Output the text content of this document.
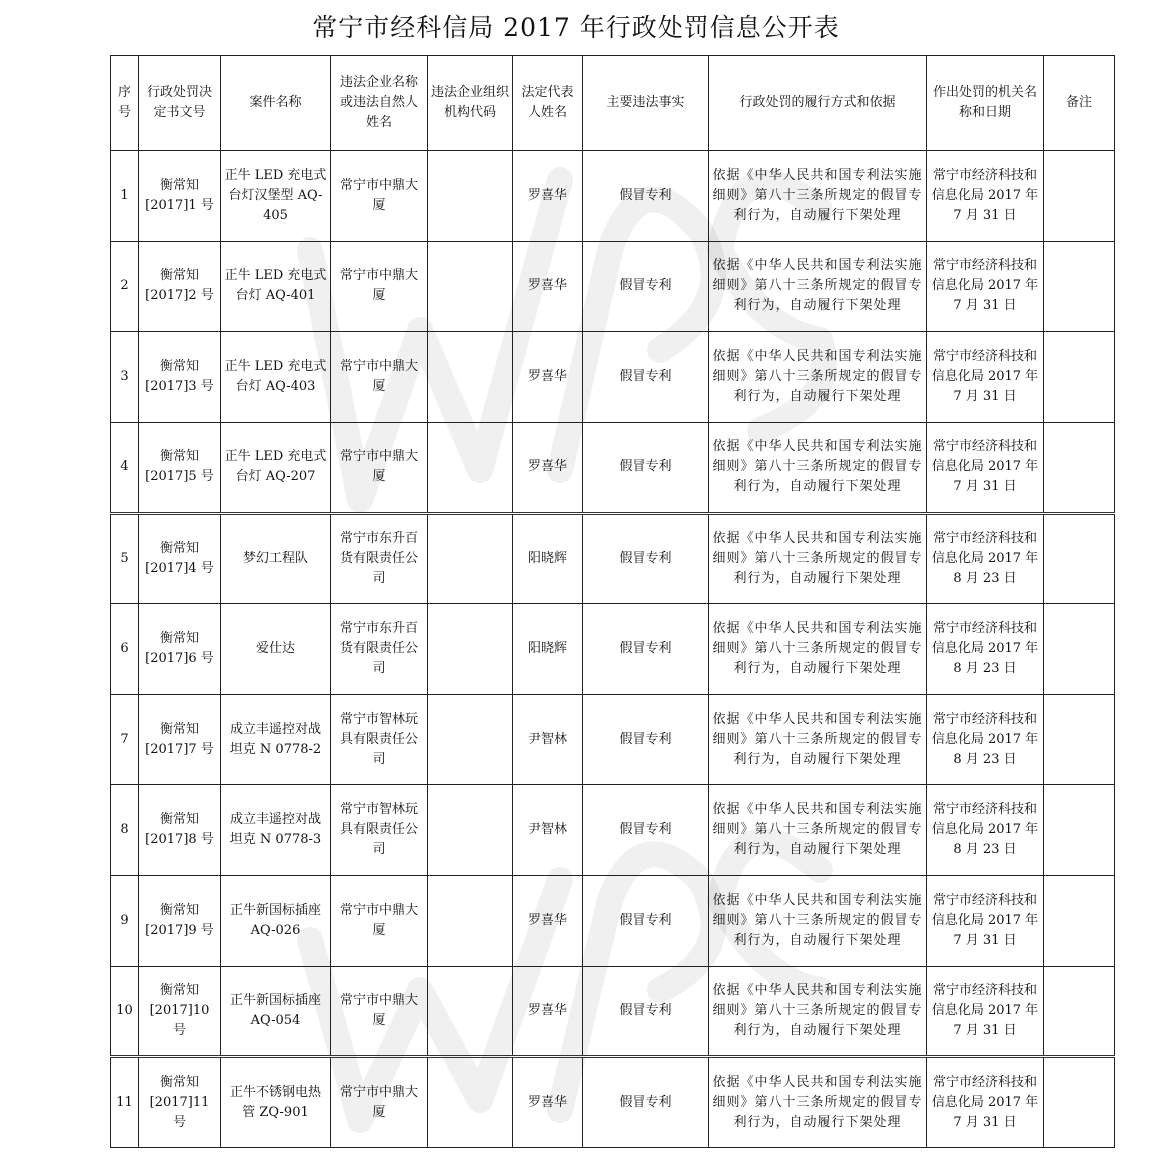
常宁市经科信局 2017 年行政处罚信息公开表
序号	行政处罚决定书文号	案件名称	违法企业名称或违法自然人姓名	违法企业组织机构代码	法定代表人姓名	主要违法事实	行政处罚的履行方式和依据	作出处罚的机关名称和日期	备注
1	衡常知[2017]1 号	正牛 LED 充电式台灯汉堡型 AQ-405	常宁市中鼎大厦		罗喜华	假冒专利	依据《中华人民共和国专利法实施细则》第八十三条所规定的假冒专利行为，自动履行下架处理	常宁市经济科技和信息化局 2017 年 7 月 31 日	
2	衡常知[2017]2 号	正牛 LED 充电式台灯 AQ-401	常宁市中鼎大厦		罗喜华	假冒专利	依据《中华人民共和国专利法实施细则》第八十三条所规定的假冒专利行为，自动履行下架处理	常宁市经济科技和信息化局 2017 年 7 月 31 日	
3	衡常知[2017]3 号	正牛 LED 充电式台灯 AQ-403	常宁市中鼎大厦		罗喜华	假冒专利	依据《中华人民共和国专利法实施细则》第八十三条所规定的假冒专利行为，自动履行下架处理	常宁市经济科技和信息化局 2017 年 7 月 31 日	
4	衡常知[2017]5 号	正牛 LED 充电式台灯 AQ-207	常宁市中鼎大厦		罗喜华	假冒专利	依据《中华人民共和国专利法实施细则》第八十三条所规定的假冒专利行为，自动履行下架处理	常宁市经济科技和信息化局 2017 年 7 月 31 日	
5	衡常知[2017]4 号	梦幻工程队	常宁市东升百货有限责任公司		阳晓辉	假冒专利	依据《中华人民共和国专利法实施细则》第八十三条所规定的假冒专利行为，自动履行下架处理	常宁市经济科技和信息化局 2017 年 8 月 23 日	
6	衡常知[2017]6 号	爱仕达	常宁市东升百货有限责任公司		阳晓辉	假冒专利	依据《中华人民共和国专利法实施细则》第八十三条所规定的假冒专利行为，自动履行下架处理	常宁市经济科技和信息化局 2017 年 8 月 23 日	
7	衡常知[2017]7 号	成立丰遥控对战坦克 N 0778-2	常宁市智林玩具有限责任公司		尹智林	假冒专利	依据《中华人民共和国专利法实施细则》第八十三条所规定的假冒专利行为，自动履行下架处理	常宁市经济科技和信息化局 2017 年 8 月 23 日	
8	衡常知[2017]8 号	成立丰遥控对战坦克 N 0778-3	常宁市智林玩具有限责任公司		尹智林	假冒专利	依据《中华人民共和国专利法实施细则》第八十三条所规定的假冒专利行为，自动履行下架处理	常宁市经济科技和信息化局 2017 年 8 月 23 日	
9	衡常知[2017]9 号	正牛新国标插座 AQ-026	常宁市中鼎大厦		罗喜华	假冒专利	依据《中华人民共和国专利法实施细则》第八十三条所规定的假冒专利行为，自动履行下架处理	常宁市经济科技和信息化局 2017 年 7 月 31 日	
10	衡常知[2017]10 号	正牛新国标插座 AQ-054	常宁市中鼎大厦		罗喜华	假冒专利	依据《中华人民共和国专利法实施细则》第八十三条所规定的假冒专利行为，自动履行下架处理	常宁市经济科技和信息化局 2017 年 7 月 31 日	
11	衡常知[2017]11 号	正牛不锈钢电热管 ZQ-901	常宁市中鼎大厦		罗喜华	假冒专利	依据《中华人民共和国专利法实施细则》第八十三条所规定的假冒专利行为，自动履行下架处理	常宁市经济科技和信息化局 2017 年 7 月 31 日	
